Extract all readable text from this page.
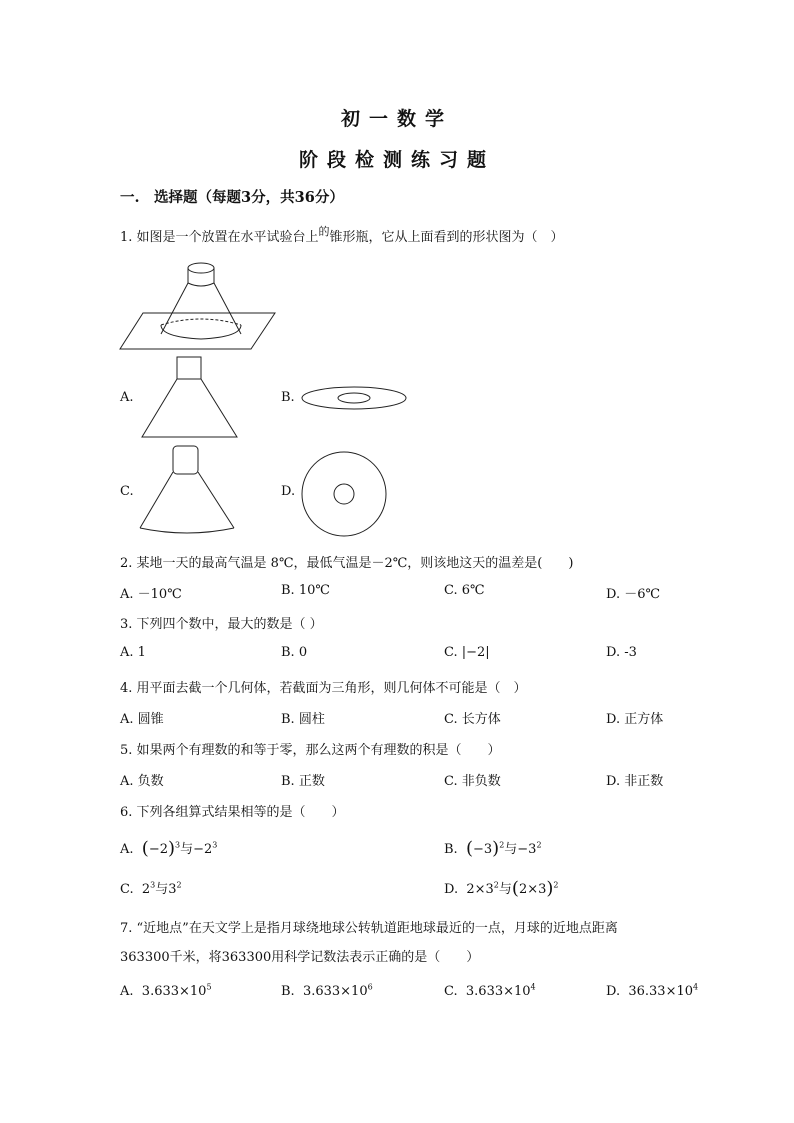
初一数学
阶段检测练习题
一.　选择题（每题3分，共36分）
1. 如图是一个放置在水平试验台上$^的$锥形瓶，它从上面看到的形状图为（　）
A.	B.
C.	D.
2. 某地一天的最高气温是 8℃，最低气温是－2℃，则该地这天的温差是(　　)
A. －10℃	B. 10℃	C. 6℃	D. －6℃
3. 下列四个数中，最大的数是（ ）
A. 1	B. 0	C. |−2|	D. -3
4. 用平面去截一个几何体，若截面为三角形，则几何体不可能是（　）
A. 圆锥	B. 圆柱	C. 长方体	D. 正方体
5. 如果两个有理数的和等于零，那么这两个有理数的积是（　　）
A. 负数	B. 正数	C. 非负数	D. 非正数
6. 下列各组算式结果相等的是（　　）
A. $(-2)^3$与$-2^3$	B. $(-3)^2$与$-3^2$
C. $2^3$与$3^2$	D. $2\times 3^2$与$(2\times 3)^2$
7. “近地点”在天文学上是指月球绕地球公转轨道距地球最近的一点，月球的近地点距离
363300千米，将363300用科学记数法表示正确的是（　　）
A. $3.633\times 10^5$	B. $3.633\times 10^6$	C. $3.633\times 10^4$	D. $36.33\times 10^4$
